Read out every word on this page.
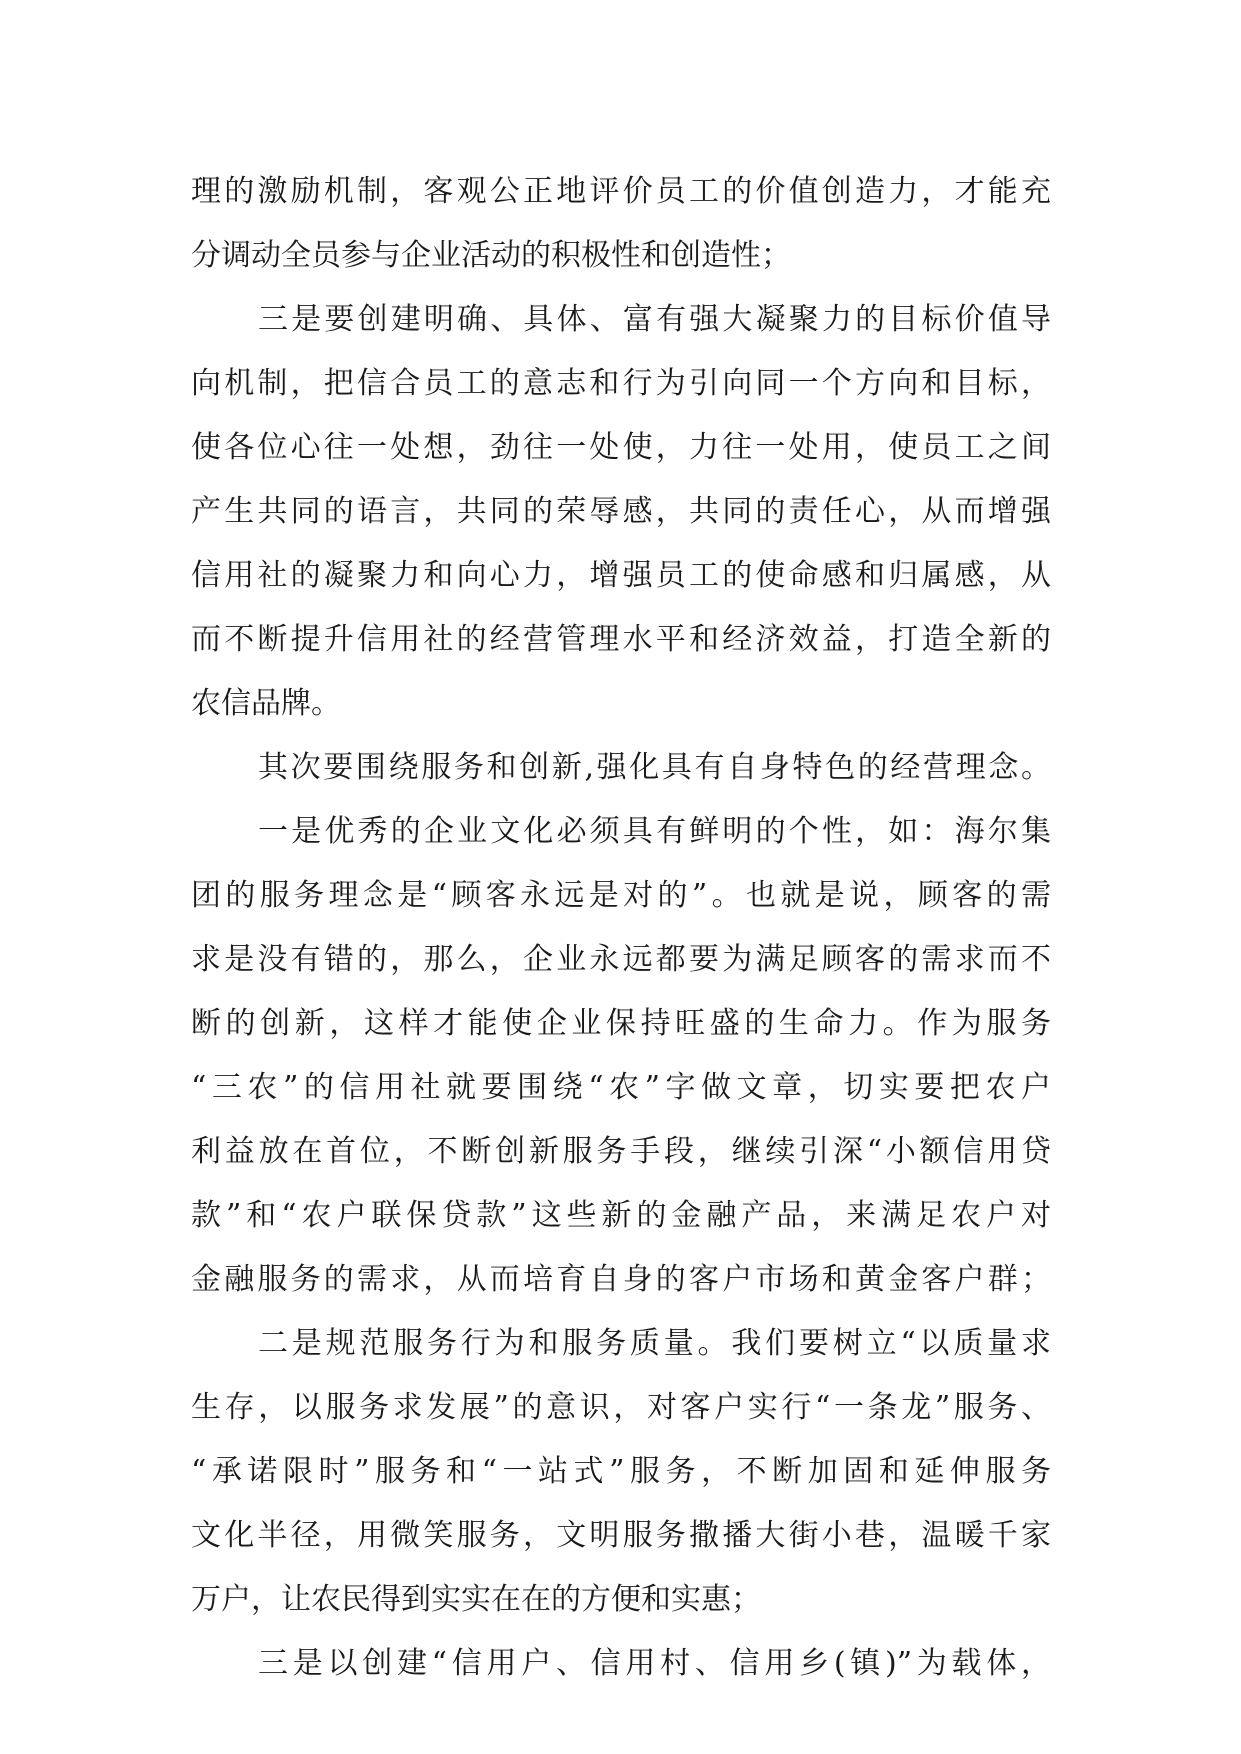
理的激励机制，客观公正地评价员工的价值创造力，才能充
分调动全员参与企业活动的积极性和创造性；
三是要创建明确、具体、富有强大凝聚力的目标价值导
向机制，把信合员工的意志和行为引向同一个方向和目标，
使各位心往一处想，劲往一处使，力往一处用，使员工之间
产生共同的语言，共同的荣辱感，共同的责任心，从而增强
信用社的凝聚力和向心力，增强员工的使命感和归属感，从
而不断提升信用社的经营管理水平和经济效益，打造全新的
农信品牌。
其次要围绕服务和创新,强化具有自身特色的经营理念。
一是优秀的企业文化必须具有鲜明的个性，如：海尔集
团的服务理念是“顾客永远是对的”。也就是说，顾客的需
求是没有错的，那么，企业永远都要为满足顾客的需求而不
断的创新，这样才能使企业保持旺盛的生命力。作为服务
“三农”的信用社就要围绕“农”字做文章，切实要把农户
利益放在首位，不断创新服务手段，继续引深“小额信用贷
款”和“农户联保贷款”这些新的金融产品，来满足农户对
金融服务的需求，从而培育自身的客户市场和黄金客户群；
二是规范服务行为和服务质量。我们要树立“以质量求
生存，以服务求发展”的意识，对客户实行“一条龙”服务、
“承诺限时”服务和“一站式”服务，不断加固和延伸服务
文化半径，用微笑服务，文明服务撒播大街小巷，温暖千家
万户，让农民得到实实在在的方便和实惠；
三是以创建“信用户、信用村、信用乡(镇)”为载体，
